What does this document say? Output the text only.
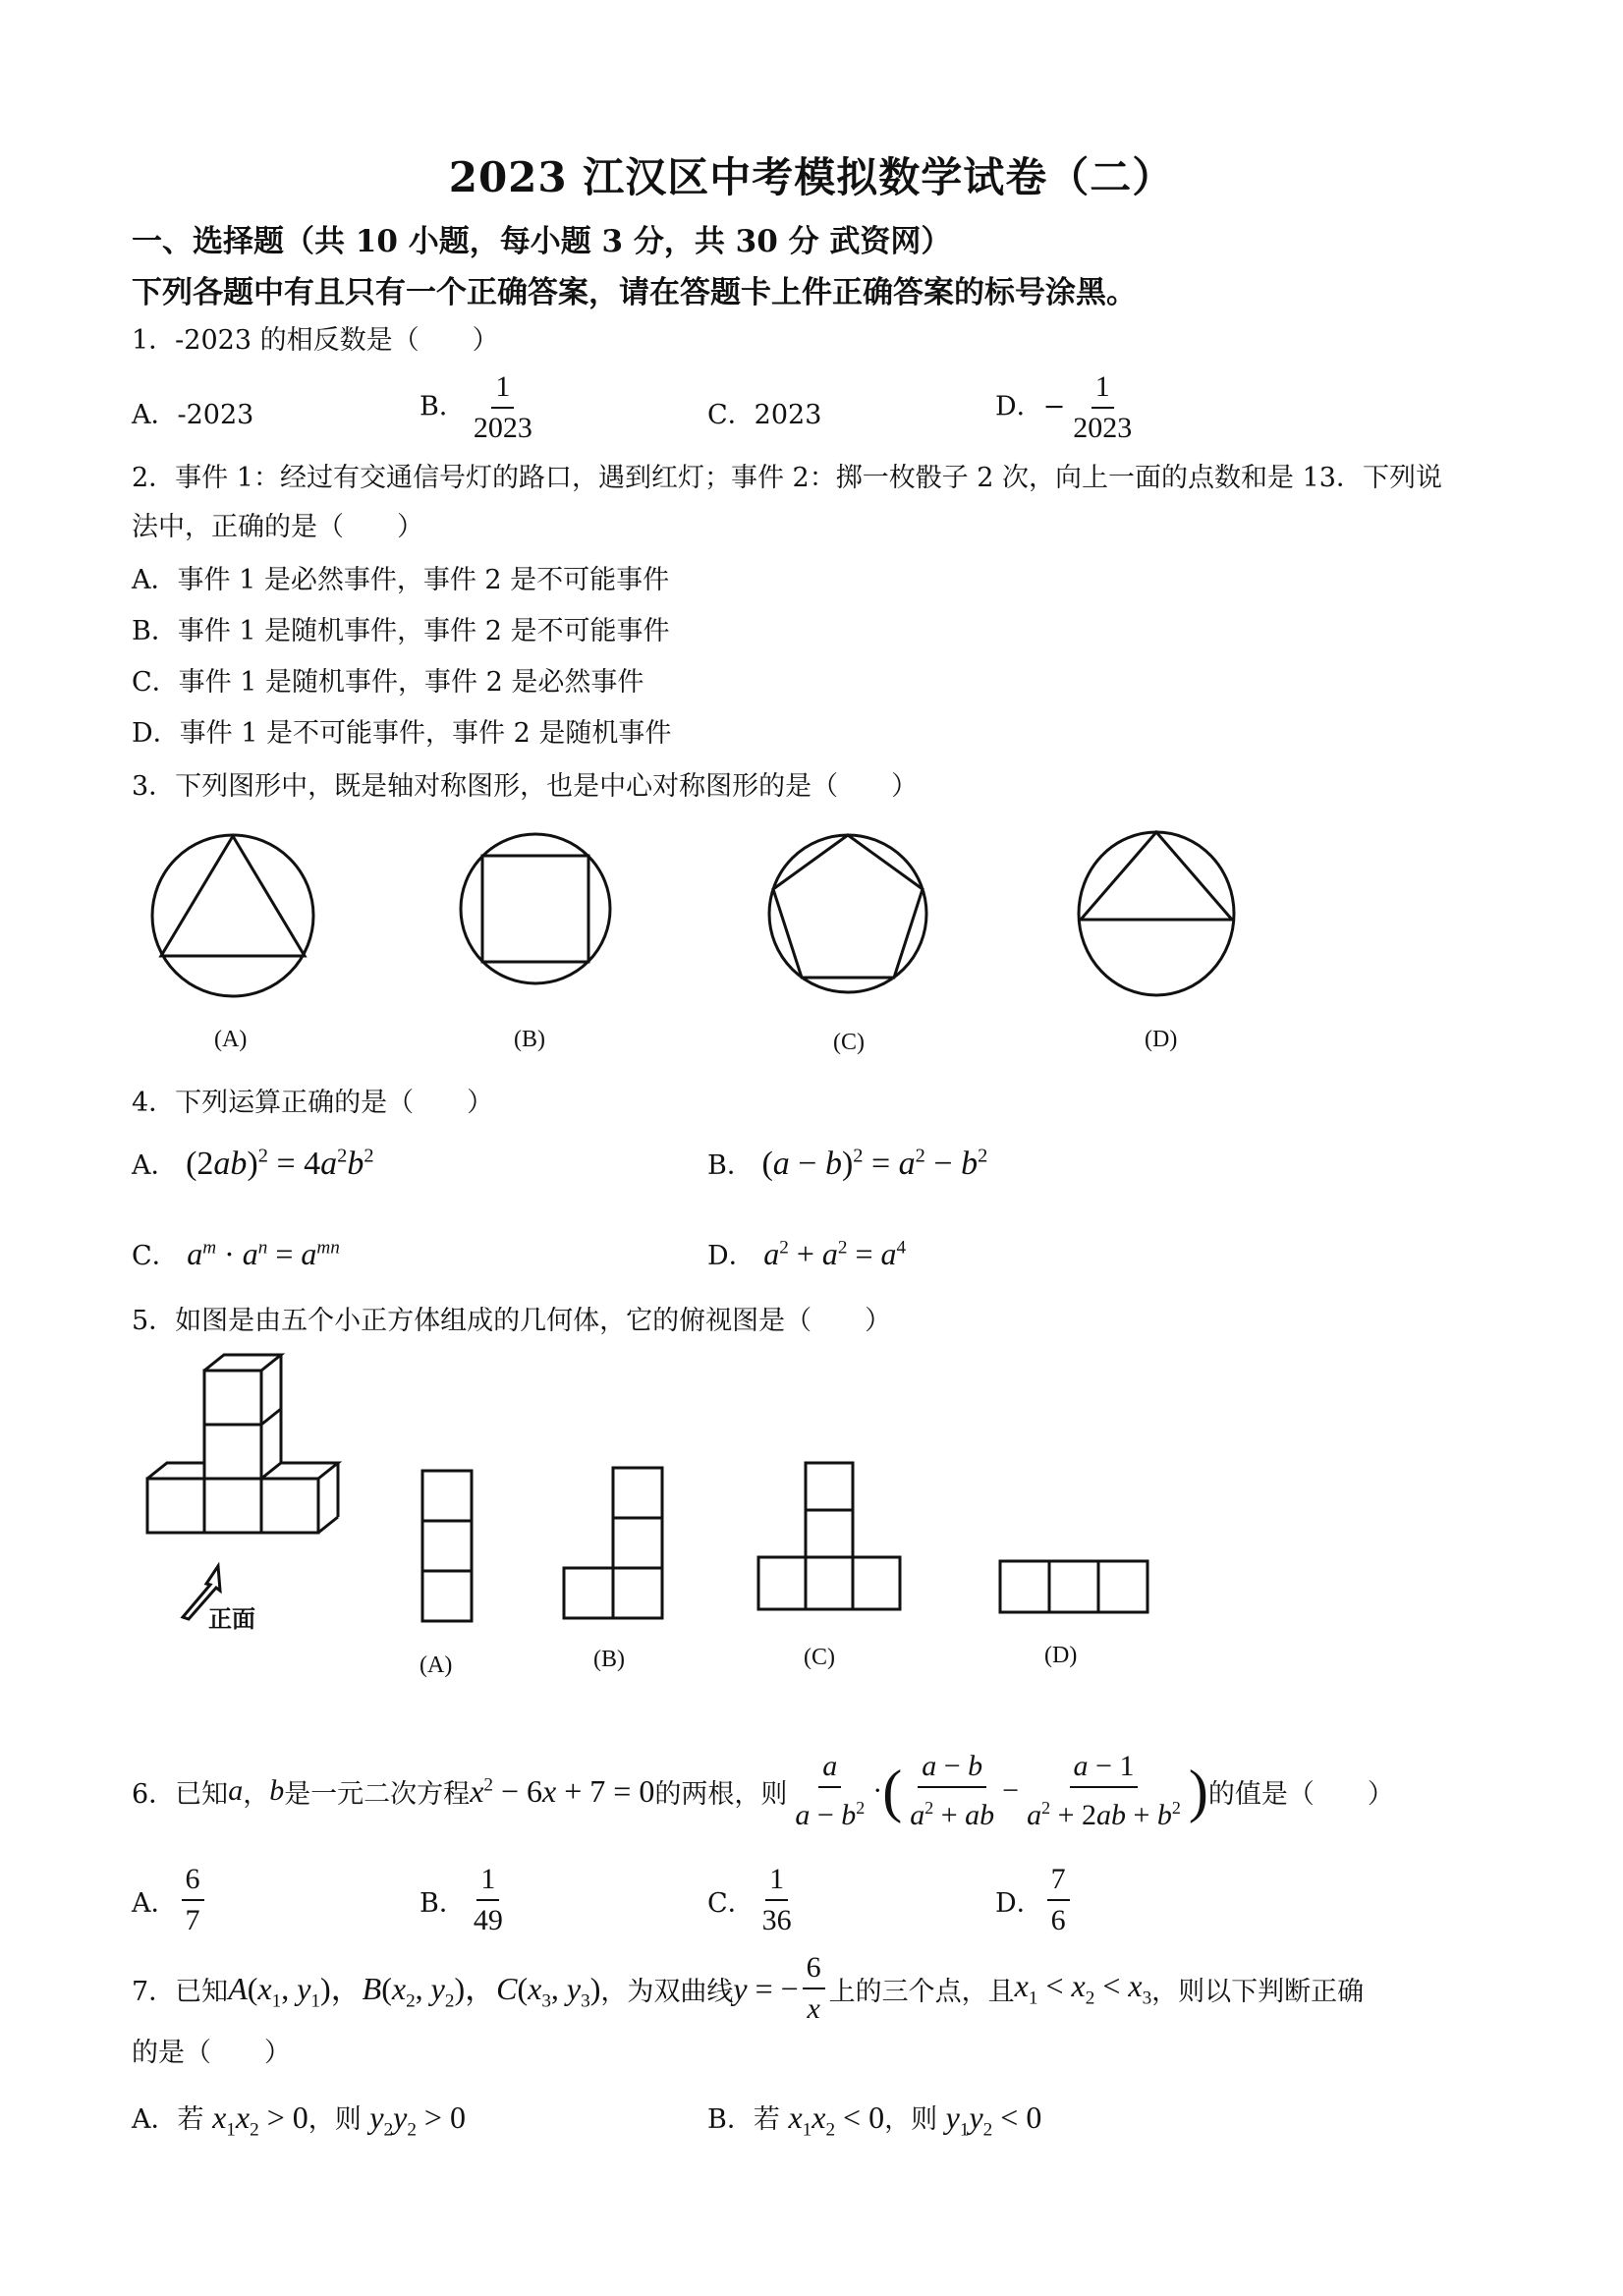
2023 江汉区中考模拟数学试卷（二）
一、选择题（共 10 小题，每小题 3 分，共 30 分 武资网）
下列各题中有且只有一个正确答案，请在答题卡上件正确答案的标号涂黑。
1．-2023 的相反数是（　　）
A．-2023	B． $\frac{1}{2023}$	C．2023	D．− $\frac{1}{2023}$
2．事件 1：经过有交通信号灯的路口，遇到红灯；事件 2：掷一枚骰子 2 次，向上一面的点数和是 13．下列说
法中，正确的是（　　）
A．事件 1 是必然事件，事件 2 是不可能事件
B．事件 1 是随机事件，事件 2 是不可能事件
C．事件 1 是随机事件，事件 2 是必然事件
D．事件 1 是不可能事件，事件 2 是随机事件
3．下列图形中，既是轴对称图形，也是中心对称图形的是（　　）
(A)	(B)	(C)	(D)
4．下列运算正确的是（　　）
A． $(2ab)^2 = 4a^2b^2$	B． $(a - b)^2 = a^2 - b^2$
C． $a^m \cdot a^n = a^{mn}$	D． $a^2 + a^2 = a^4$
5．如图是由五个小正方体组成的几何体，它的俯视图是（　　）
正面
(A)	(B)	(C)	(D)
6．已知 a ， b 是一元二次方程 $x^2 - 6x + 7 = 0$ 的两根，则 $\frac{a}{a - b^2}$ · ( $\frac{a - b}{a^2 + ab} - \frac{a - 1}{a^2 + 2ab + b^2}$ ) 的值是（　　）
A． $\frac{6}{7}$	B． $\frac{1}{49}$	C． $\frac{1}{36}$	D． $\frac{7}{6}$
7．已知 $A(x_1$, $y_1$)，$B(x_2$, $y_2$)，$C(x_3$, $y_3$) ，为双曲线 y = − $\frac{6}{x}$ 上的三个点，且 $x_1 < x_2 < x_3$ ，则以下判断正确
的是（　　）
A．若 $x_1x_2 > 0$，则 $y_2y_2 > 0$	B．若 $x_1x_2 < 0$，则 $y_1y_2 < 0$
